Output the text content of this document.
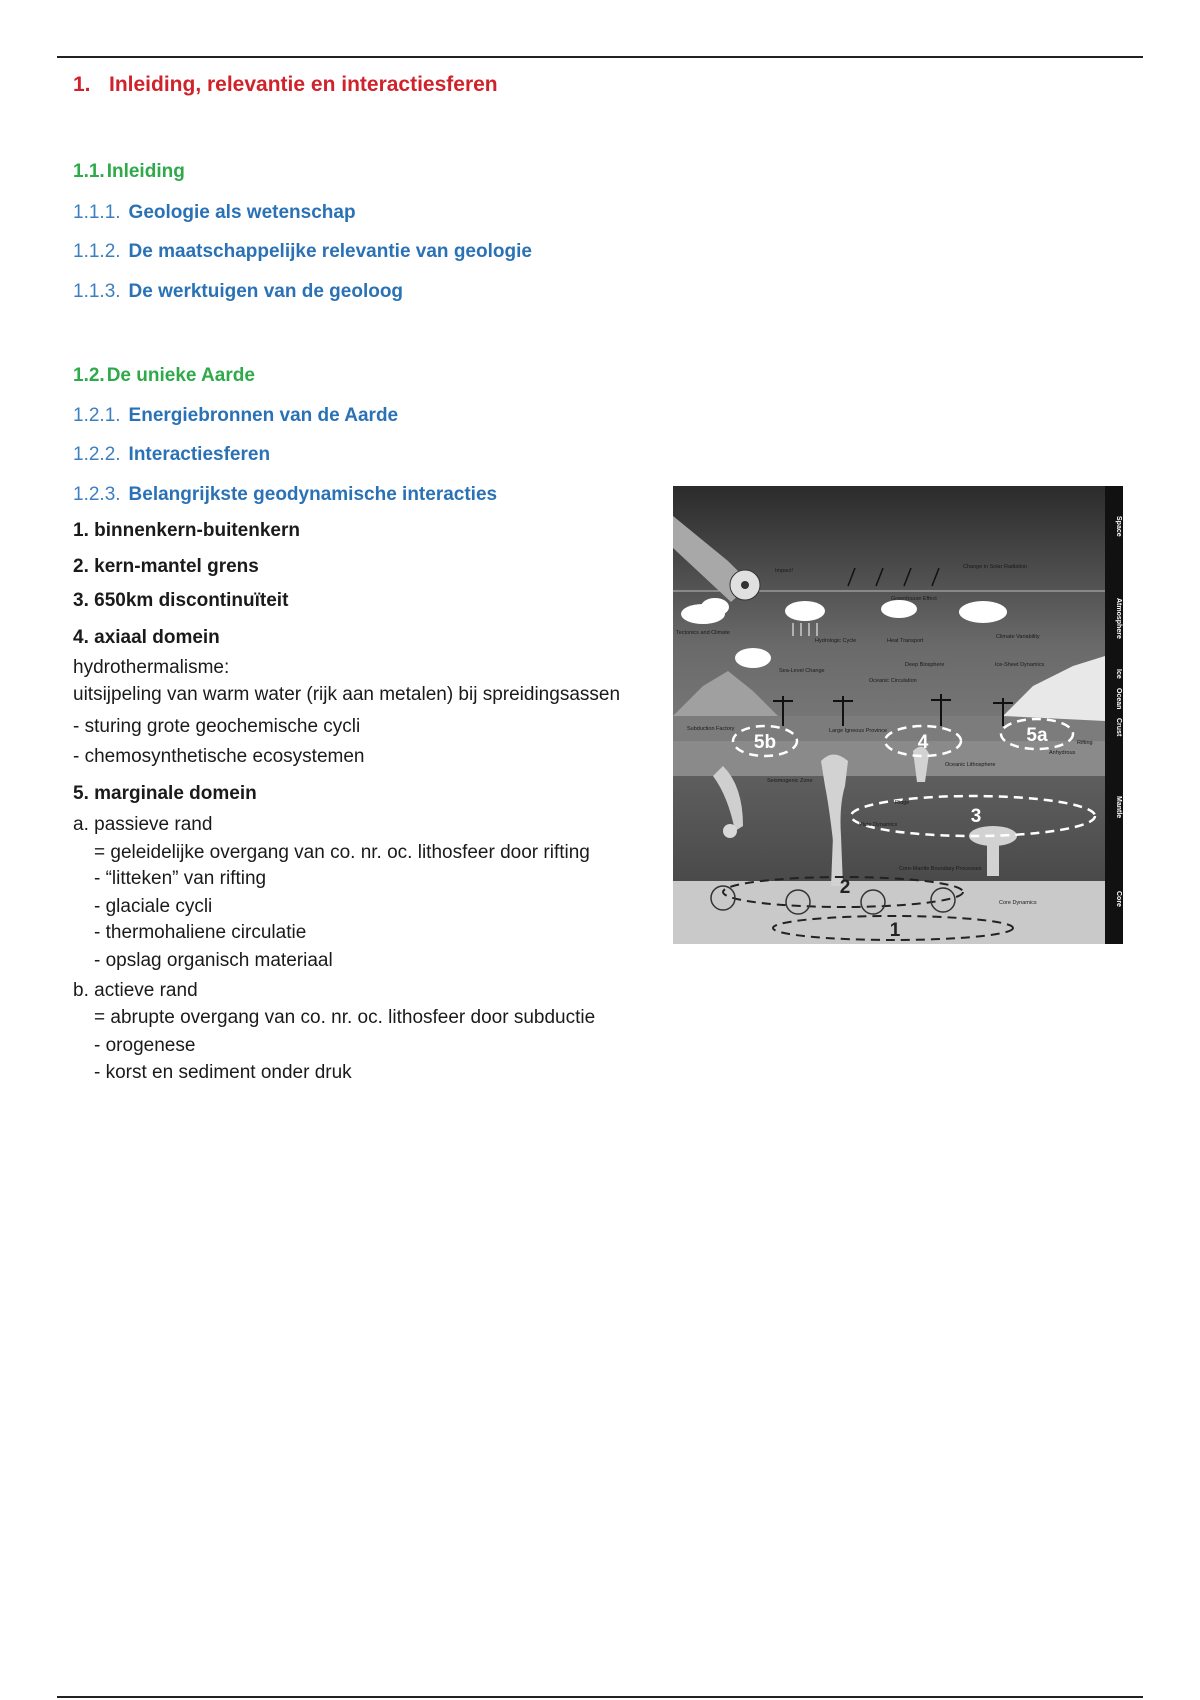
1. Inleiding, relevantie en interactiesferen
1.1. Inleiding
1.1.1. Geologie als wetenschap
1.1.2. De maatschappelijke relevantie van geologie
1.1.3. De werktuigen van de geoloog
1.2. De unieke Aarde
1.2.1. Energiebronnen van de Aarde
1.2.2. Interactiesferen
1.2.3. Belangrijkste geodynamische interacties
1. binnenkern-buitenkern
2. kern-mantel grens
3. 650km discontinuïteit
4. axiaal domein
hydrothermalisme:
uitsijpeling van warm water (rijk aan metalen) bij spreidingsassen
- sturing grote geochemische cycli
- chemosynthetische ecosystemen
5. marginale domein
a. passieve rand
= geleidelijke overgang van co. nr. oc. lithosfeer door rifting
- “litteken” van rifting
- glaciale cycli
- thermohaliene circulatie
- opslag organisch materiaal
b. actieve rand
= abrupte overgang van co. nr. oc. lithosfeer door subductie
- orogenese
- korst en sediment onder druk
Space
Atmosphere
Ice
Ocean
Crust
Mantle
Core
5b	4	5a
3
2
1
Impact!
Change in Solar Radiation
Greenhouse Effect
Tectonics and Climate
Hydrologic Cycle	Heat Transport
Climate Variability
Deep Biosphere	Ice-Sheet Dynamics
Sea-Level Change
Oceanic Circulation
Subduction Factory	Large Igneous Province
Oceanic Lithosphere
Anhydrous
Rifting
Seismogenic Zone
Ridge
Plate Dynamics
Core-Mantle Boundary Processes
Core Dynamics
